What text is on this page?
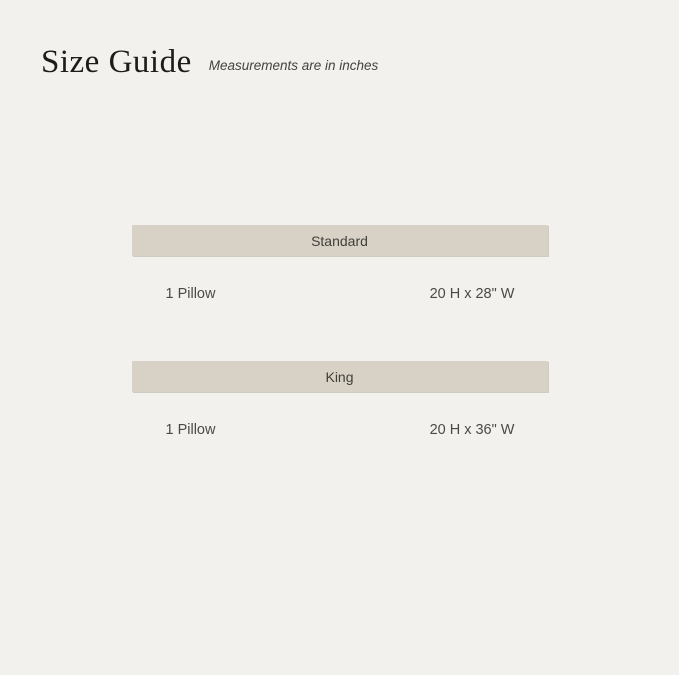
Size Guide Measurements are in inches
Standard
1 Pillow	20 H x 28" W
King
1 Pillow	20 H x 36" W
